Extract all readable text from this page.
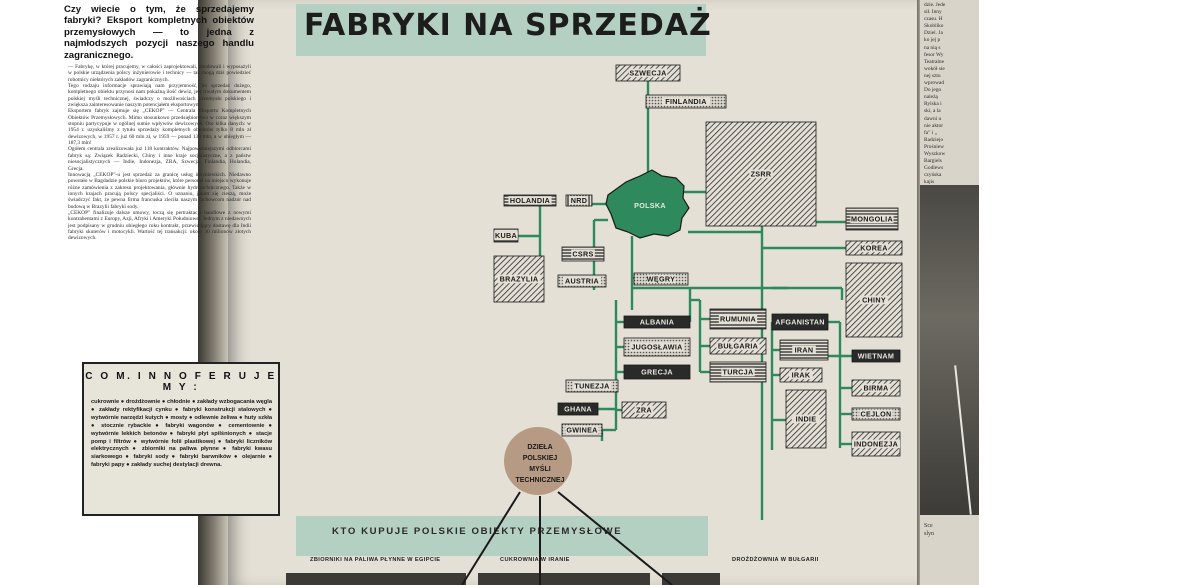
dzie. Jede
sił. Inny
czasu. H
Skobliko
Dziel. Ja
ko jej p
na nią s
fesor Wy
Teatralne
wokół sie
nej sztu
wprowad
Do jego
należą
Rylska i
ski, a la
dawni u
nie aktor
fa" i „
Radziejo
Prośniew
Wyszkow
Bargiels
Godlews
czyńska
kajis
Sce
slyn
Czy wiecie o tym, że sprzedajemy fabryki? Eksport kompletnych obiektów przemysłowych — to jedna z najmłodszych pozycji naszego handlu zagranicznego.
— Fabrykę, w której pracujemy, w całości zaprojektowali, zbudowali i wyposażyli w polskie urządzenia polscy inżynierowie i technicy — tak mogą dziś powiedzieć robotnicy niektórych zakładów zagranicznych.
Tego rodzaju informacje sprawiają nam przyjemność, bo sprzedaż dużego, kompletnego obiektu przynosi nam pokaźną ilość dewiz, jest trwałym dokumentem polskiej myśli technicznej, świadczy o możliwościach przemysłu polskiego i zwiększa zainteresowanie naszym potencjałem eksportowym.
Eksportem fabryk zajmuje się „CEKOP" — Centrala Eksportu Kompletnych Obiektów Przemysłowych. Mimo stosunkowo przedsiębiorstwo w coraz większym stopniu partycypuje w ogólnej sumie wpływów dewizowych. Oto kilka danych: w 1954 r. uzyskaliśmy z tytułu sprzedaży kompletnych obiektów tylko 8 mln zł dewizowych, w 1957 r. już 60 mln zł, w 1959 — ponad 130 mln, a w ubiegłym — 187,3 mln!
Ogółem centrala zrealizowała już 118 kontraktów. Najpoważniejszymi odbiorcami fabryk są: Związek Radziecki, Chiny i inne kraje socjalistyczne, a z państw niesocjalistycznych — Indie, Indonezja, ZRA, Szwecja, Finlandia, Holandia, Grecja.
Innowacją „CEKOP"-u jest sprzedaż za granicę usług inżynierskich. Niedawno powstało w Bagdadzie polskie biuro projektów, które personel na miejscu wykonuje różne zamówienia z zakresu projektowania, głównie hydrotechnicznego. Także w innych krajach pracują polscy specjaliści. O uznaniu, jakim się cieszą, może świadczyć fakt, że pewna firma francuska zleciła naszym fachowcom nadzór nad budową w Brazylii fabryki sody.
„CEKOP" finalizuje dalsze umowy, toczą się pertraktacje handlowe z nowymi kontrahentami z Europy, Azji, Afryki i Ameryki Południowej. Jednym z niedawnych jest podpisany w grudniu ubiegłego roku kontrakt, przewidujący dostawę dla Indii fabryki skuterów i motocykli. Wartość tej transakcji: około 30 milionów złotych dewizowych.
C O M. I N N O F E R U J E M Y :
cukrownie ● drożdżownie ● chłodnie ● zakłady wzbogacania węgla ● zakłady rektyfikacji cynku ● fabryki konstrukcji stalowych ● wytwórnie narzędzi kutych ● mosty ● odlewnie żeliwa ● huty szkła ● stocznie rybackie ● fabryki wagonów ● cementownie ● wytwórnie lekkich betonów ● fabryki płyt spilśnionych ● stacje pomp i filtrów ● wytwórnie folii plastikowej ● fabryki liczników elektrycznych ● zbiorniki na paliwa płynne ● fabryki kwasu siarkowego ● fabryki sody ● fabryki barwników ● olejarnie ● fabryki papy ● zakłady suchej destylacji drewna.
FABRYKI NA SPRZEDAŻ
KTO KUPUJE POLSKIE OBIEKTY PRZEMYSŁOWE
ZBIORNIKI NA PALIWA PŁYNNE W EGIPCIE	CUKROWNIA W IRANIE	DROŻDŻOWNIA W BUŁGARII
POLSKA
SZWECJA
FINLANDIA
ZSRR
HOLANDIA	NRD
KUBA
BRAZYLIA
CSRS
AUSTRIA	WĘGRY
MONGOLIA
KOREA
CHINY
ALBANIA
JUGOSŁAWIA
GRECJA
RUMUNIA
BUŁGARIA
TURCJA
AFGANISTAN
IRAN
WIETNAM
IRAK
BIRMA
INDIE
CEJLON
INDONEZJA
TUNEZJA
GHANA	ZRA
GWINEA
DZIEŁA
POLSKIEJ
MYŚLI
TECHNICZNEJ
